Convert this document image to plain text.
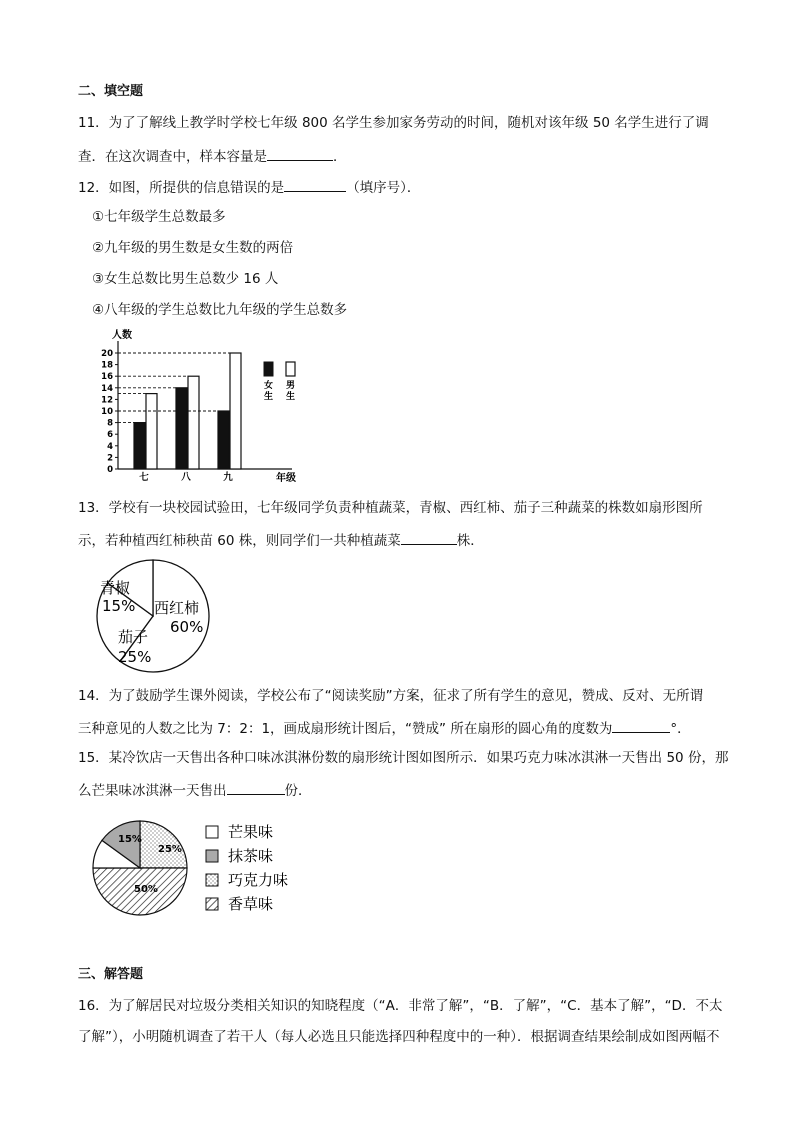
二、填空题
11．为了了解线上教学时学校七年级 800 名学生参加家务劳动的时间，随机对该年级 50 名学生进行了调
查．在这次调查中，样本容量是	．
12．如图，所提供的信息错误的是	（填序号）．
①七年级学生总数最多
②九年级的男生数是女生数的两倍
③女生总数比男生总数少 16 人
④八年级的学生总数比九年级的学生总数多
人数
年级
0
2
4
6
8
10
12
14
16
18
20
七	八	九
女
生
男
生
13．学校有一块校园试验田，七年级同学负责种植蔬菜，青椒、西红柿、茄子三种蔬菜的株数如扇形图所
示，若种植西红柿秧苗 60 株，则同学们一共种植蔬菜	株．
青椒
15% 西红柿
60%
茄子
25%
14．为了鼓励学生课外阅读，学校公布了“阅读奖励”方案，征求了所有学生的意见，赞成、反对、无所谓
三种意见的人数之比为 7：2：1，画成扇形统计图后，“赞成” 所在扇形的圆心角的度数为	°．
15．某冷饮店一天售出各种口味冰淇淋份数的扇形统计图如图所示．如果巧克力味冰淇淋一天售出 50 份，那
么芒果味冰淇淋一天售出	份．
15%
25%
50%
芒果味
抹茶味
巧克力味
香草味
三、解答题
16．为了解居民对垃圾分类相关知识的知晓程度（“A．非常了解”，“B．了解”，“C．基本了解”，“D．不太
了解”），小明随机调查了若干人（每人必选且只能选择四种程度中的一种）．根据调查结果绘制成如图两幅不
